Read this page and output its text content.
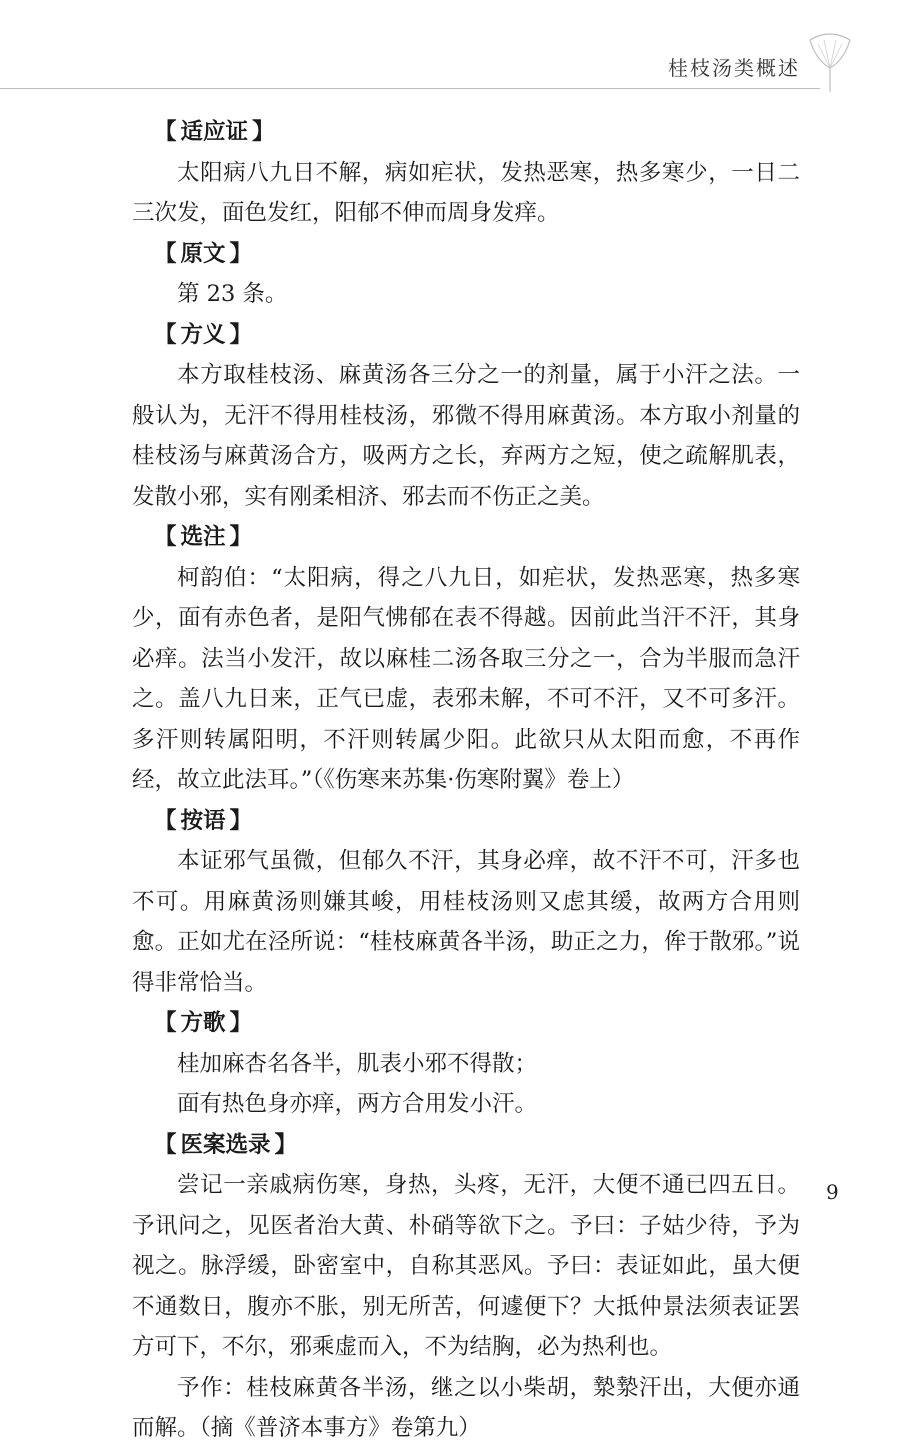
桂枝汤类概述

【 适应证 】

太阳病八九日不解，病如疟状，发热恶寒，热多寒少，一日二三次发，面色发红，阳郁不伸而周身发痒。

【 原文 】

第 23 条。

【 方义 】

本方取桂枝汤、麻黄汤各三分之一的剂量，属于小汗之法。一般认为，无汗不得用桂枝汤，邪微不得用麻黄汤。本方取小剂量的桂枝汤与麻黄汤合方，吸两方之长，弃两方之短，使之疏解肌表，发散小邪，实有刚柔相济、邪去而不伤正之美。

【 选注 】

柯韵伯：“太阳病，得之八九日，如疟状，发热恶寒，热多寒少，面有赤色者，是阳气怫郁在表不得越。因前此当汗不汗，其身必痒。法当小发汗，故以麻桂二汤各取三分之一，合为半服而急汗之。盖八九日来，正气已虚，表邪未解，不可不汗，又不可多汗。多汗则转属阳明，不汗则转属少阳。此欲只从太阳而愈，不再作经，故立此法耳。”（《伤寒来苏集·伤寒附翼》卷上）

【 按语 】

本证邪气虽微，但郁久不汗，其身必痒，故不汗不可，汗多也不可。用麻黄汤则嫌其峻，用桂枝汤则又虑其缓，故两方合用则愈。正如尤在泾所说：“桂枝麻黄各半汤，助正之力，侔于散邪。”说得非常恰当。

【 方歌 】

桂加麻杏名各半，肌表小邪不得散；

面有热色身亦痒，两方合用发小汗。

【 医案选录 】

尝记一亲戚病伤寒，身热，头疼，无汗，大便不通已四五日。予讯问之，见医者治大黄、朴硝等欲下之。予曰：子姑少待，予为视之。脉浮缓，卧密室中，自称其恶风。予曰：表证如此，虽大便不通数日，腹亦不胀，别无所苦，何遽便下？大抵仲景法须表证罢方可下，不尔，邪乘虚而入，不为结胸，必为热利也。

予作：桂枝麻黄各半汤，继之以小柴胡，漐漐汗出，大便亦通而解。（摘《普济本事方》卷第九）

9
